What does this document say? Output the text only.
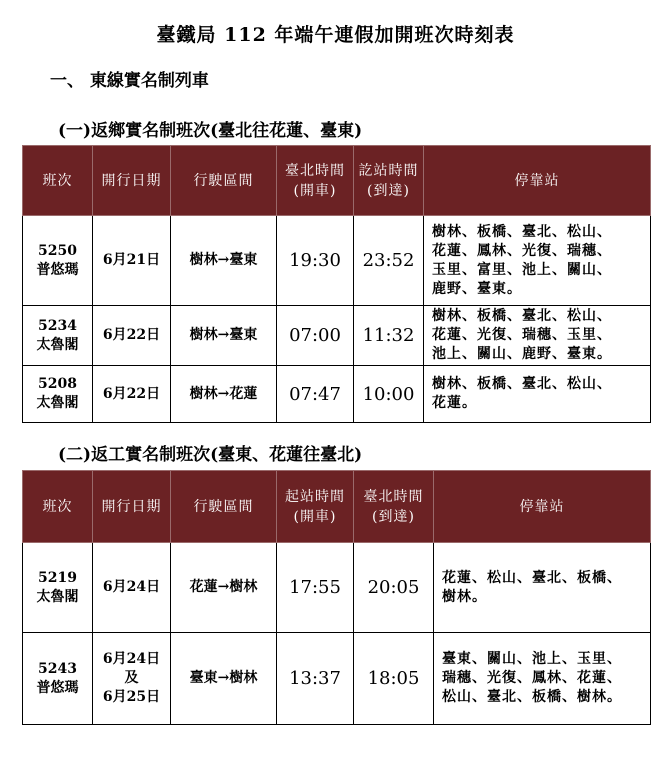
臺鐵局 112 年端午連假加開班次時刻表
一、 東線實名制列車
(一)返鄉實名制班次(臺北往花蓮、臺東)
班次	開行日期	行駛區間	臺北時間(開車)	訖站時間(到達)	停靠站

5250
普悠瑪	6月21日	樹林→臺東	19:30	23:52	樹林、板橋、臺北、松山、
花蓮、鳳林、光復、瑞穗、
玉里、富里、池上、關山、
鹿野、臺東。

5234
太魯閣	6月22日	樹林→臺東	07:00	11:32	樹林、板橋、臺北、松山、
花蓮、光復、瑞穗、玉里、
池上、關山、鹿野、臺東。

5208
太魯閣	6月22日	樹林→花蓮	07:47	10:00	樹林、板橋、臺北、松山、
花蓮。
(二)返工實名制班次(臺東、花蓮往臺北)
班次	開行日期	行駛區間	起站時間(開車)	臺北時間(到達)	停靠站

5219
太魯閣	6月24日	花蓮→樹林	17:55	20:05	花蓮、松山、臺北、板橋、
樹林。

5243
普悠瑪	6月24日
及
6月25日	臺東→樹林	13:37	18:05	臺東、關山、池上、玉里、
瑞穗、光復、鳳林、花蓮、
松山、臺北、板橋、樹林。
